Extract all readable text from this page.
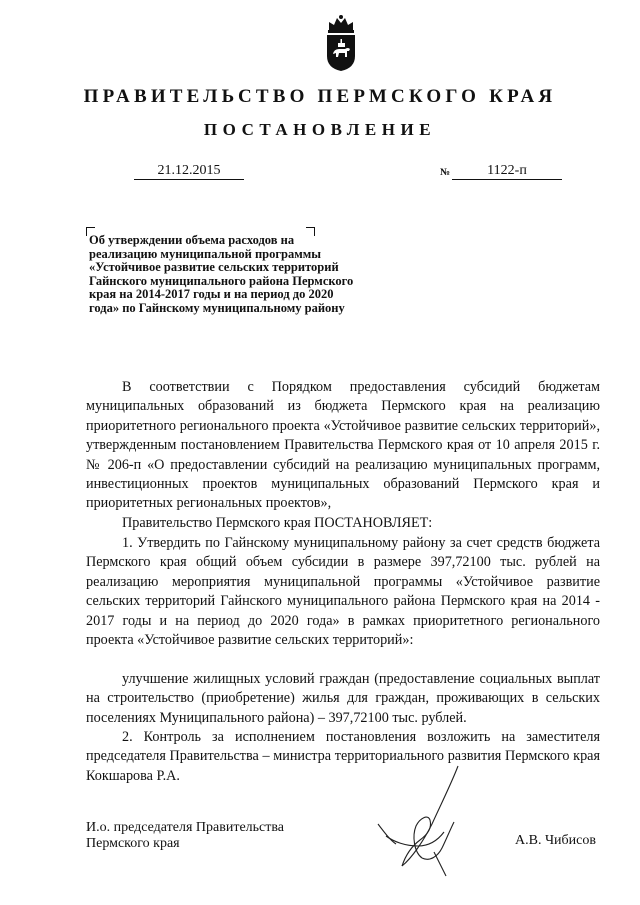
ПРАВИТЕЛЬСТВО ПЕРМСКОГО КРАЯ
ПОСТАНОВЛЕНИЕ
21.12.2015	№	1122-п
Об утверждении объема расходов на реализацию муниципальной программы «Устойчивое развитие сельских территорий Гайнского муниципального района Пермского края на 2014-2017 годы и на период до 2020 года» по Гайнскому муниципальному району

В соответствии с Порядком предоставления субсидий бюджетам муниципальных образований из бюджета Пермского края на реализацию приоритетного регионального проекта «Устойчивое развитие сельских территорий», утвержденным постановлением Правительства Пермского края от 10 апреля 2015 г. № 206-п «О предоставлении субсидий на реализацию муниципальных программ, инвестиционных проектов муниципальных образований Пермского края и приоритетных региональных проектов»,

Правительство Пермского края ПОСТАНОВЛЯЕТ:

1. Утвердить по Гайнскому муниципальному району за счет средств бюджета Пермского края общий объем субсидии в размере 397,72100 тыс. рублей на реализацию мероприятия муниципальной программы «Устойчивое развитие сельских территорий Гайнского муниципального района Пермского края на 2014 - 2017 годы и на период до 2020 года» в рамках приоритетного регионального проекта «Устойчивое развитие сельских территорий»:

улучшение жилищных условий граждан (предоставление социальных выплат на строительство (приобретение) жилья для граждан, проживающих в сельских поселениях Муниципального района) – 397,72100 тыс. рублей.

2. Контроль за исполнением постановления возложить на заместителя председателя Правительства – министра территориального развития Пермского края Кокшарова Р.А.

И.о. председателя Правительства
Пермского края	А.В. Чибисов
